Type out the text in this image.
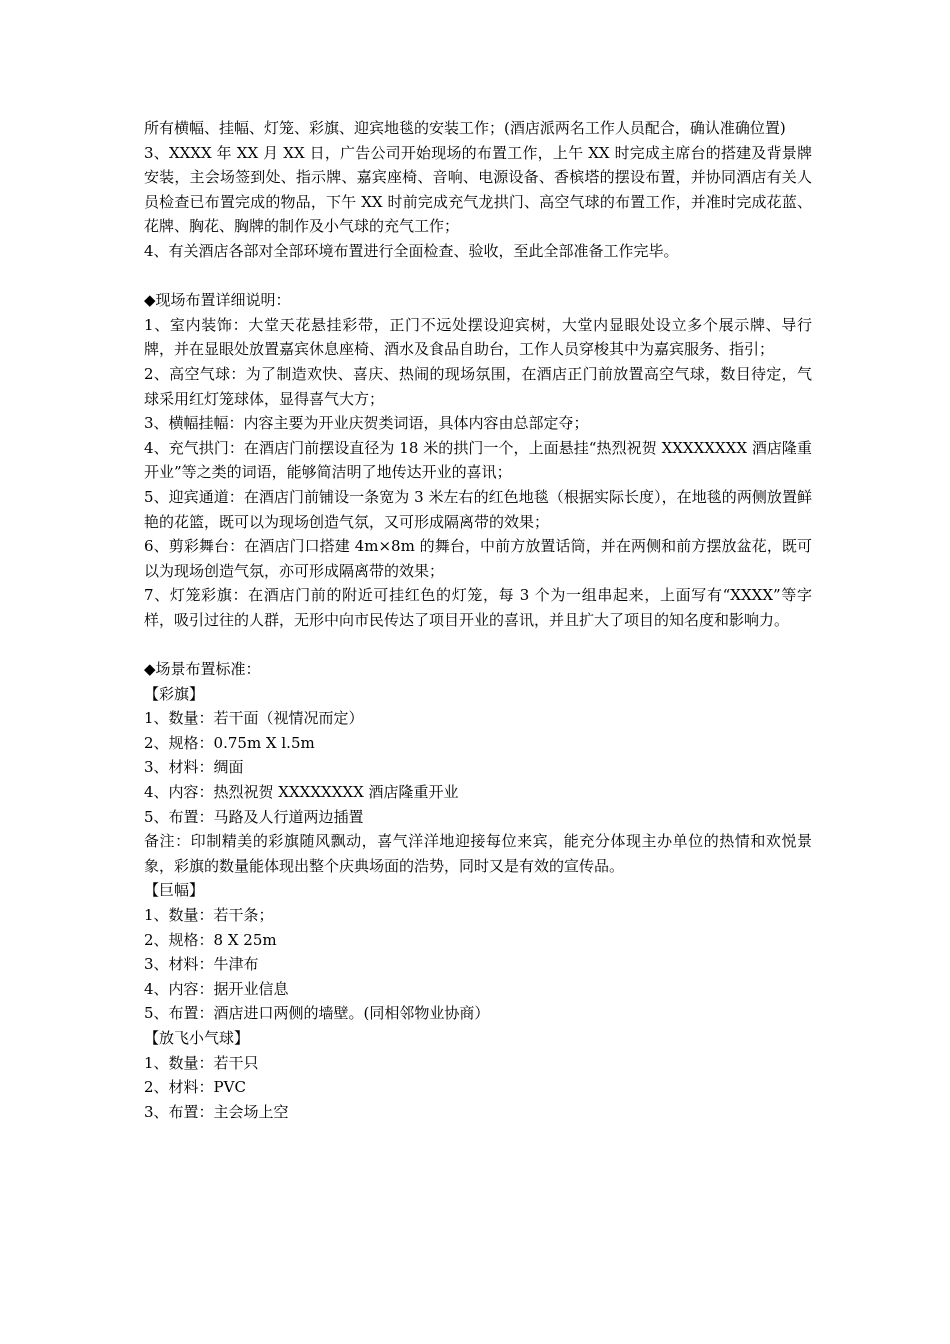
所有横幅、挂幅、灯笼、彩旗、迎宾地毯的安装工作；(酒店派两名工作人员配合，确认准确位置)

3、XXXX 年 XX 月 XX 日，广告公司开始现场的布置工作，上午 XX 时完成主席台的搭建及背景牌安装，主会场签到处、指示牌、嘉宾座椅、音响、电源设备、香槟塔的摆设布置，并协同酒店有关人员检查已布置完成的物品，下午 XX 时前完成充气龙拱门、高空气球的布置工作，并准时完成花蓝、花牌、胸花、胸牌的制作及小气球的充气工作；

4、有关酒店各部对全部环境布置进行全面检查、验收，至此全部准备工作完毕。

◆现场布置详细说明：

1、室内装饰：大堂天花悬挂彩带，正门不远处摆设迎宾树，大堂内显眼处设立多个展示牌、导行牌，并在显眼处放置嘉宾休息座椅、酒水及食品自助台，工作人员穿梭其中为嘉宾服务、指引；

2、高空气球：为了制造欢快、喜庆、热闹的现场氛围，在酒店正门前放置高空气球，数目待定，气球采用红灯笼球体，显得喜气大方；

3、横幅挂幅：内容主要为开业庆贺类词语，具体内容由总部定夺；

4、充气拱门：在酒店门前摆设直径为 18 米的拱门一个，上面悬挂“热烈祝贺 XXXXXXXX 酒店隆重开业”等之类的词语，能够简洁明了地传达开业的喜讯；

5、迎宾通道：在酒店门前铺设一条宽为 3 米左右的红色地毯（根据实际长度），在地毯的两侧放置鲜艳的花篮，既可以为现场创造气氛，又可形成隔离带的效果；

6、剪彩舞台：在酒店门口搭建 4m×8m 的舞台，中前方放置话筒，并在两侧和前方摆放盆花，既可以为现场创造气氛，亦可形成隔离带的效果；

7、灯笼彩旗：在酒店门前的附近可挂红色的灯笼，每 3 个为一组串起来，上面写有“XXXX”等字样，吸引过往的人群，无形中向市民传达了项目开业的喜讯，并且扩大了项目的知名度和影响力。

◆场景布置标准：

【彩旗】

1、数量：若干面（视情况而定）

2、规格：0.75m X l.5m

3、材料：绸面

4、内容：热烈祝贺 XXXXXXXX 酒店隆重开业

5、布置：马路及人行道两边插置

备注：印制精美的彩旗随风飘动，喜气洋洋地迎接每位来宾，能充分体现主办单位的热情和欢悦景象，彩旗的数量能体现出整个庆典场面的浩势，同时又是有效的宣传品。

【巨幅】

1、数量：若干条；

2、规格：8 X 25m

3、材料：牛津布

4、内容：据开业信息

5、布置：酒店进口两侧的墙壁。(同相邻物业协商）

【放飞小气球】

1、数量：若干只

2、材料：PVC

3、布置：主会场上空
